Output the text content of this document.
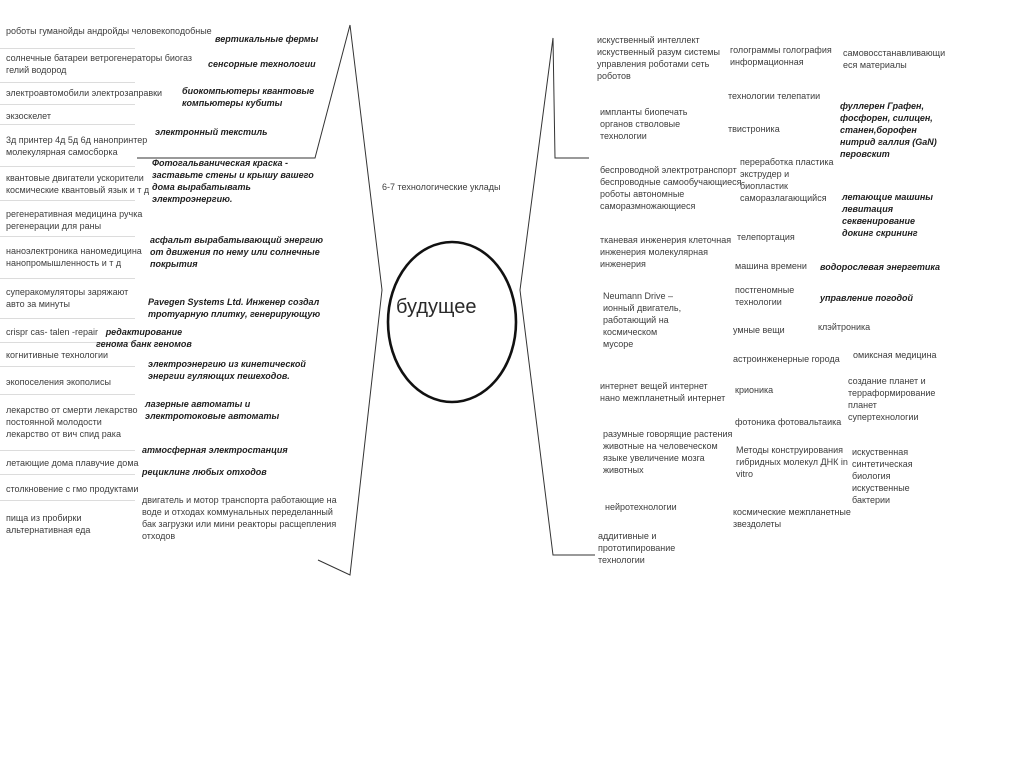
будущее
6-7 технологические уклады
роботы гуманойды андройды человекоподобные
солнечные батареи ветрогенераторы биогаз
гелий водород
электроавтомобили электрозаправки
экзоскелет
3д принтер 4д 5д 6д нанопринтер
молекулярная самосборка
квантовые двигатели ускорители
космические квантовый язык и т д
регенеративная медицина ручка
регенерации для раны
наноэлектроника наномедицина
нанопромышленность и т д
суперакомуляторы заряжают
авто за минуты
crispr cas- talen -repair
когнитивные технологии
экопоселения экополисы
лекарство от смерти лекарство
постоянной молодости
лекарство от вич спид рака
летающие дома плавучие дома
столкновение с гмо продуктами
пища из пробирки
альтернативная еда
вертикальные фермы
сенсорные технологии
биокомпьютеры квантовые
компьютеры кубиты
электронный текстиль
Фотогальваническая краска -
заставьте стены и крышу вашего
дома вырабатывать
электроэнергию.
асфальт вырабатывающий энергию
от движения по нему или солнечные
покрытия
Pavegen Systems Ltd. Инженер создал
тротуарную плитку, генерирующую
редактирование
генома банк геномов
электроэнергию из кинетической
энергии гуляющих пешеходов.
лазерные автоматы и
электротоковые автоматы
атмосферная электростанция
рециклинг любых отходов
двигатель и мотор транспорта работающие на
воде и отходах коммунальных переделанный
бак загрузки или мини реакторы расщепления
отходов
искуственный интеллект
искуственный разум системы
управления роботами сеть
роботов
импланты биопечать
органов стволовые
технологии
беспроводной электротранспорт
беспроводные самообучающиеся
роботы автономные
саморазмножающиеся
тканевая инженерия клеточная
инженерия молекулярная
инженерия
Neumann Drive –
ионный двигатель,
работающий на
космическом
мусоре
интернет вещей интернет
нано межпланетный интернет
разумные говорящие растения
животные на человеческом
языке увеличение мозга
животных
нейротехнологии
аддитивные и
прототипирование
технологии
голограммы голография
информационная
технологии телепатии
твистроника
переработка пластика
экструдер и
биопластик
саморазлагающийся
телепортация
машина времени
постгеномные
технологии
умные вещи
астроинженерные города
крионика
фотоника фотовальтаика
Методы конструирования
гибридных молекул ДНК in
vitro
космические межпланетные
звездолеты
самовосстанавливающи
еся материалы
фуллерен Графен,
фосфорен, силицен,
станен,борофен
нитрид галлия (GaN)
перовскит
летающие машины
левитация
секвенирование
докинг скрининг
водорослевая энергетика
управление погодой
клэйтроника
омиксная медицина
создание планет и
терраформирование
планет
супертехнологии
искуственная
синтетическая
биология
искуственные
бактерии
